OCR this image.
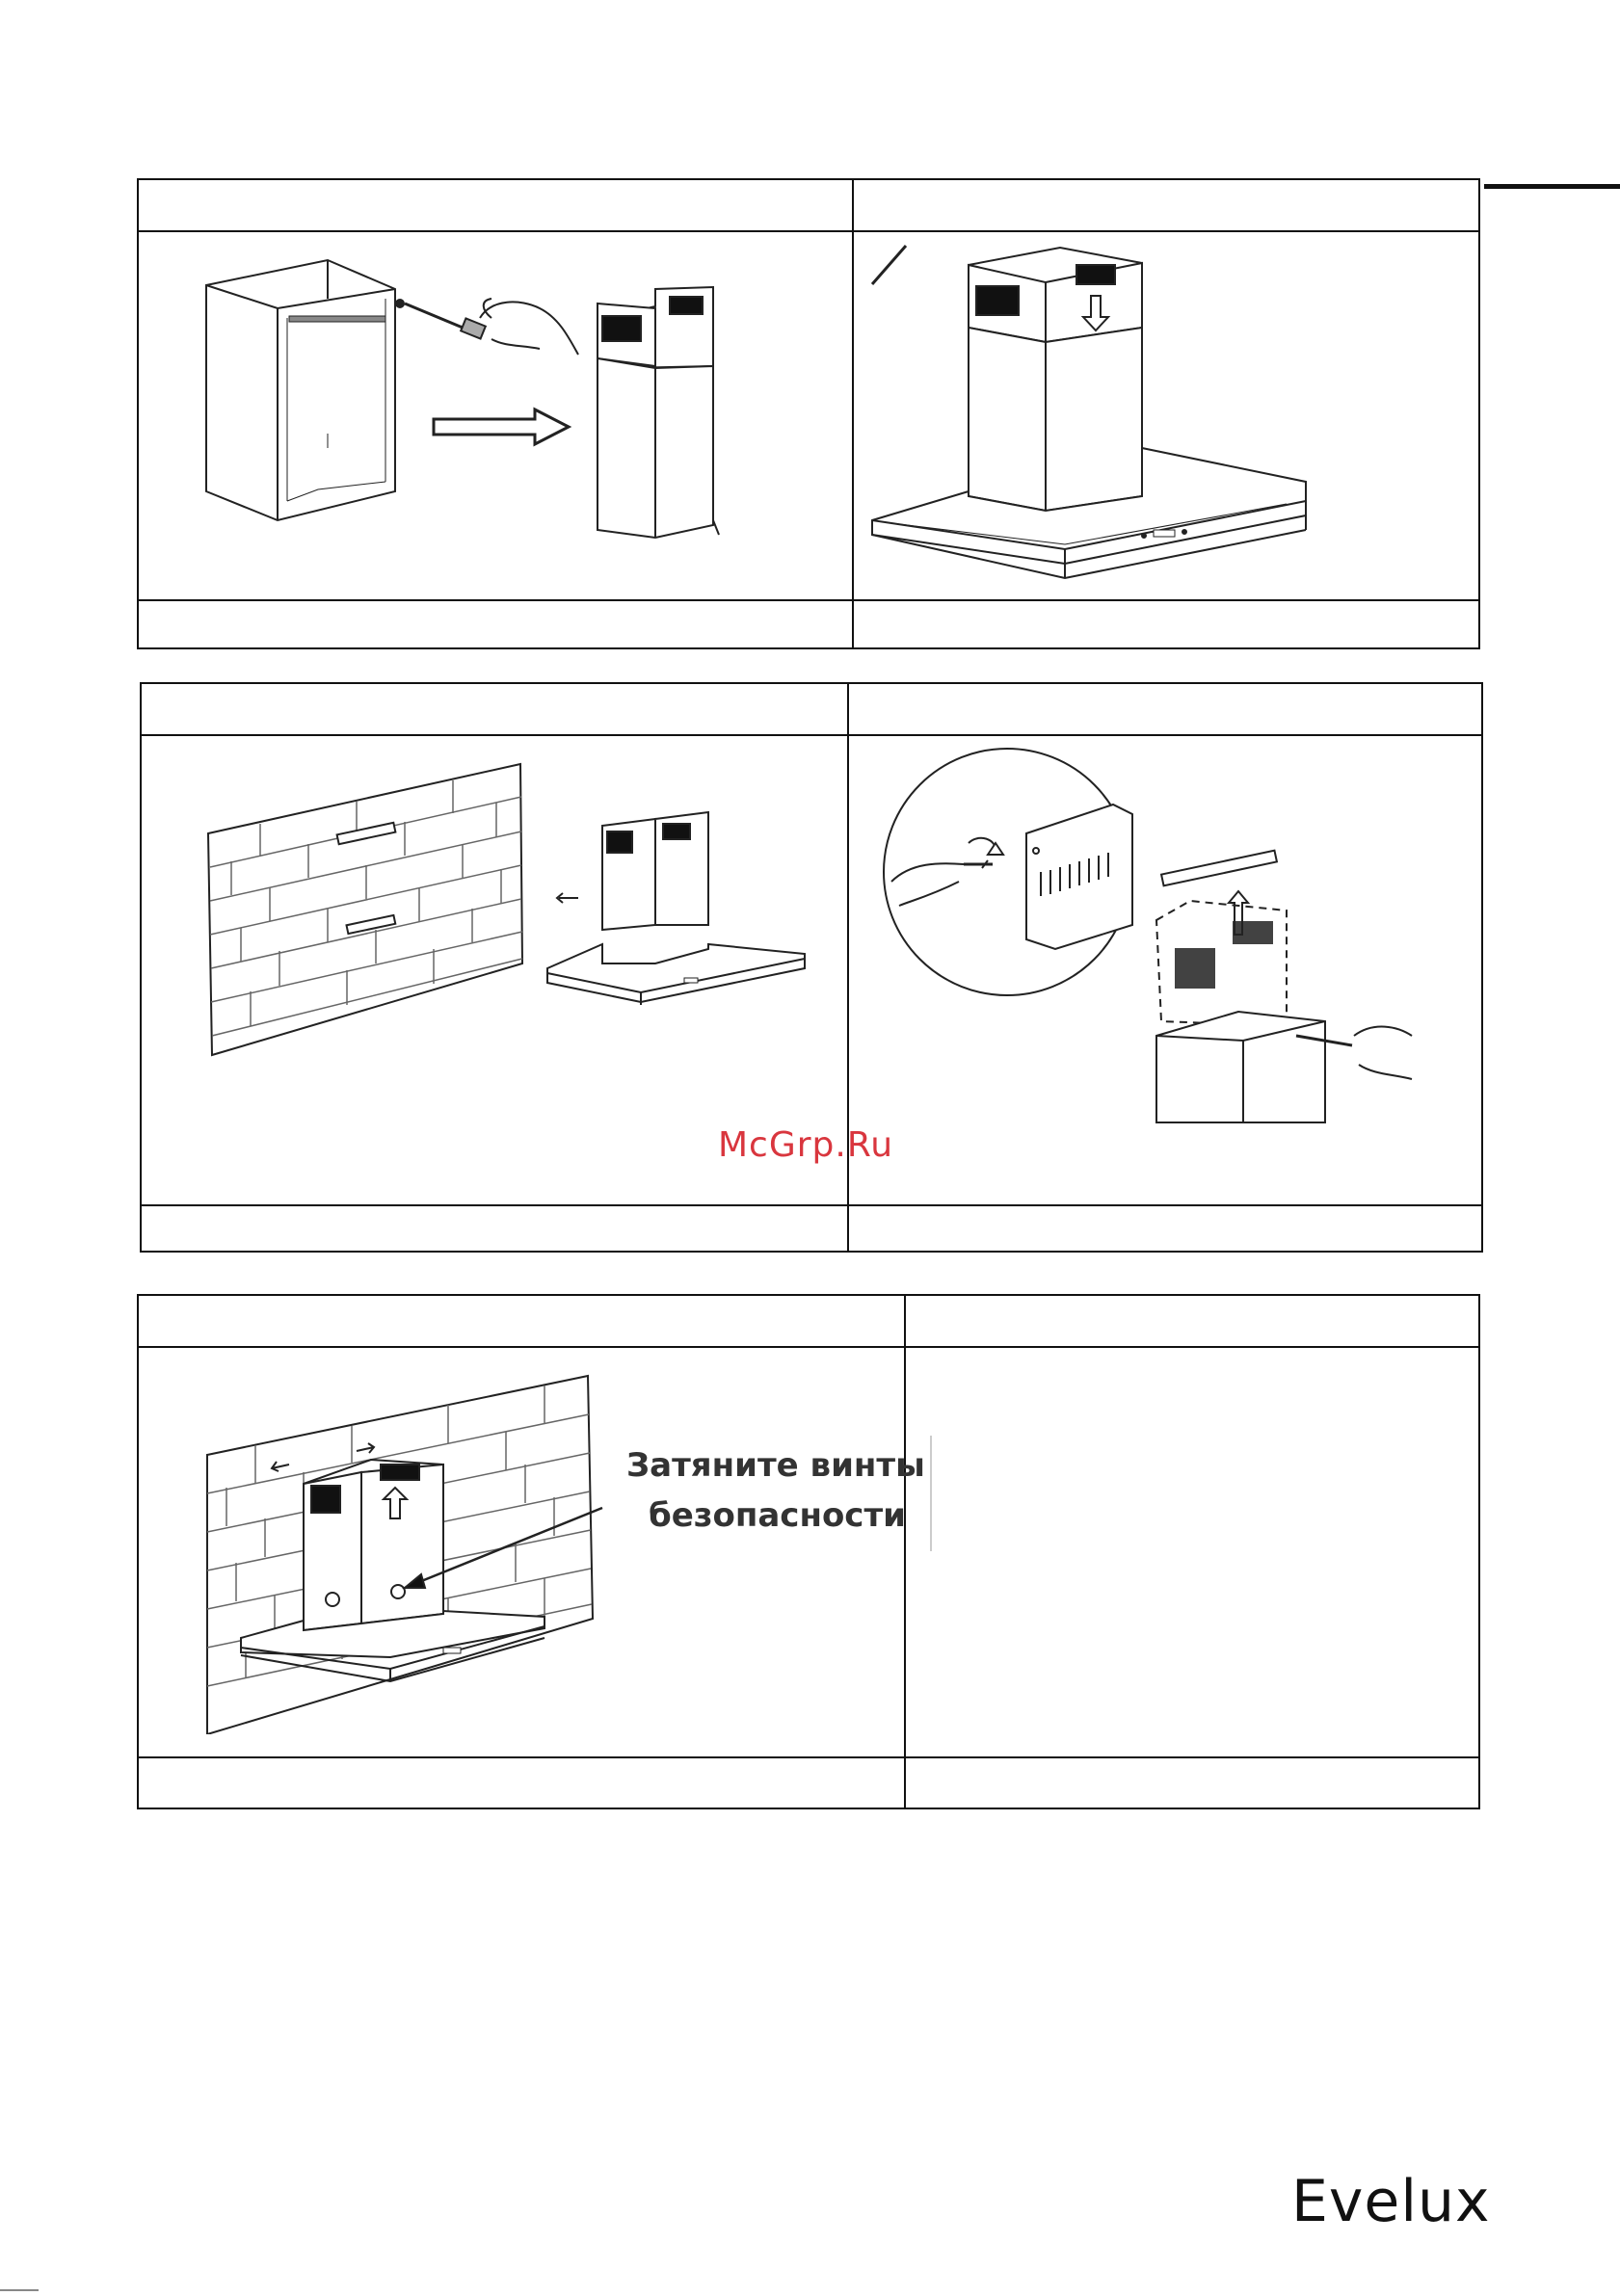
McGrp.Ru
Затяните винты
безопасности
Evelux
